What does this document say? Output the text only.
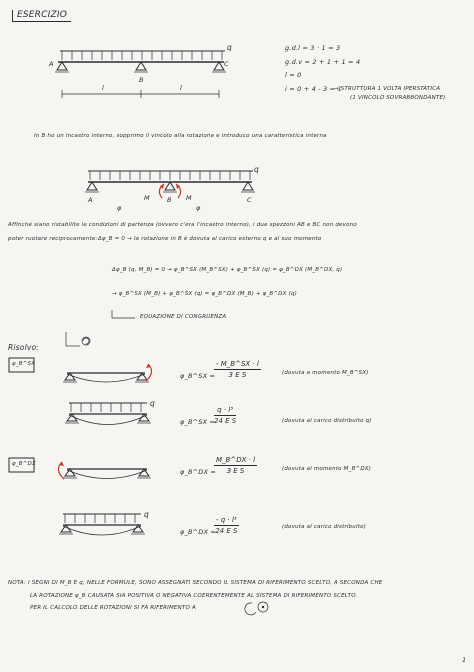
ESERCIZIO
q
A
B
C
l	l
g.d.l = 3 · 1 = 3
g.d.v = 2 + 1 + 1 = 4
l = 0
i = 0 + 4 - 3 = 1
→ STRUTTURA 1 VOLTA IPERSTATICA
(1 VINCOLO SOVRABBONDANTE)
In B ho un incastro interno, sopprimo il vincolo alla rotazione e introduco una caratteristica interna
q
A	B	C
M	M
φ	φ
Affinché siano ristabilite le condizioni di partenza (ovvero c'era l'incastro interno), i due spezzoni AB e BC non devono
poter ruotare reciprocamente: Δφ_B = 0 → la rotazione in B è dovuta al carico esterno q e al suo momento
Δφ_B (q, M_B) = 0 → φ_B^SX (M_B^SX) + φ_B^SX (q) = φ_B^DX (M_B^DX, q)
→ φ_B^SX (M_B) + φ_B^SX (q) = φ_B^DX (M_B) + φ_B^DX (q)
EQUAZIONE DI CONGRUENZA
Risolvo:
φ_B^SX
φ_B^DX
φ_B^SX =
$\frac{- M\_B\^{}SX \cdot l}{\text{3 E S}}$	(dovuta a momento M_B^SX)
q
φ_B^SX =
$\frac{\text{q · l³}}{\text{24 E S}}$	(dovuta al carico distribuito q)
φ_B^DX =
$\frac{M\_B\^{}DX \cdot l}{\text{3 E S}}$	(dovuta al momento M_B^DX)
q
φ_B^DX =
$\frac{\text{- q · l³}}{\text{24 E S}}$	(dovuta al carico distribuito)
NOTA: I SEGNI DI M_B E q, NELLE FORMULE, SONO ASSEGNATI SECONDO IL SISTEMA DI RIFERIMENTO SCELTO, A SECONDA CHE
LA ROTAZIONE φ_B CAUSATA SIA POSITIVA O NEGATIVA COERENTEMENTE AL SISTEMA DI RIFERIMENTO SCELTO.
PER IL CALCOLO DELLE ROTAZIONI SI FA RIFERIMENTO A
1
